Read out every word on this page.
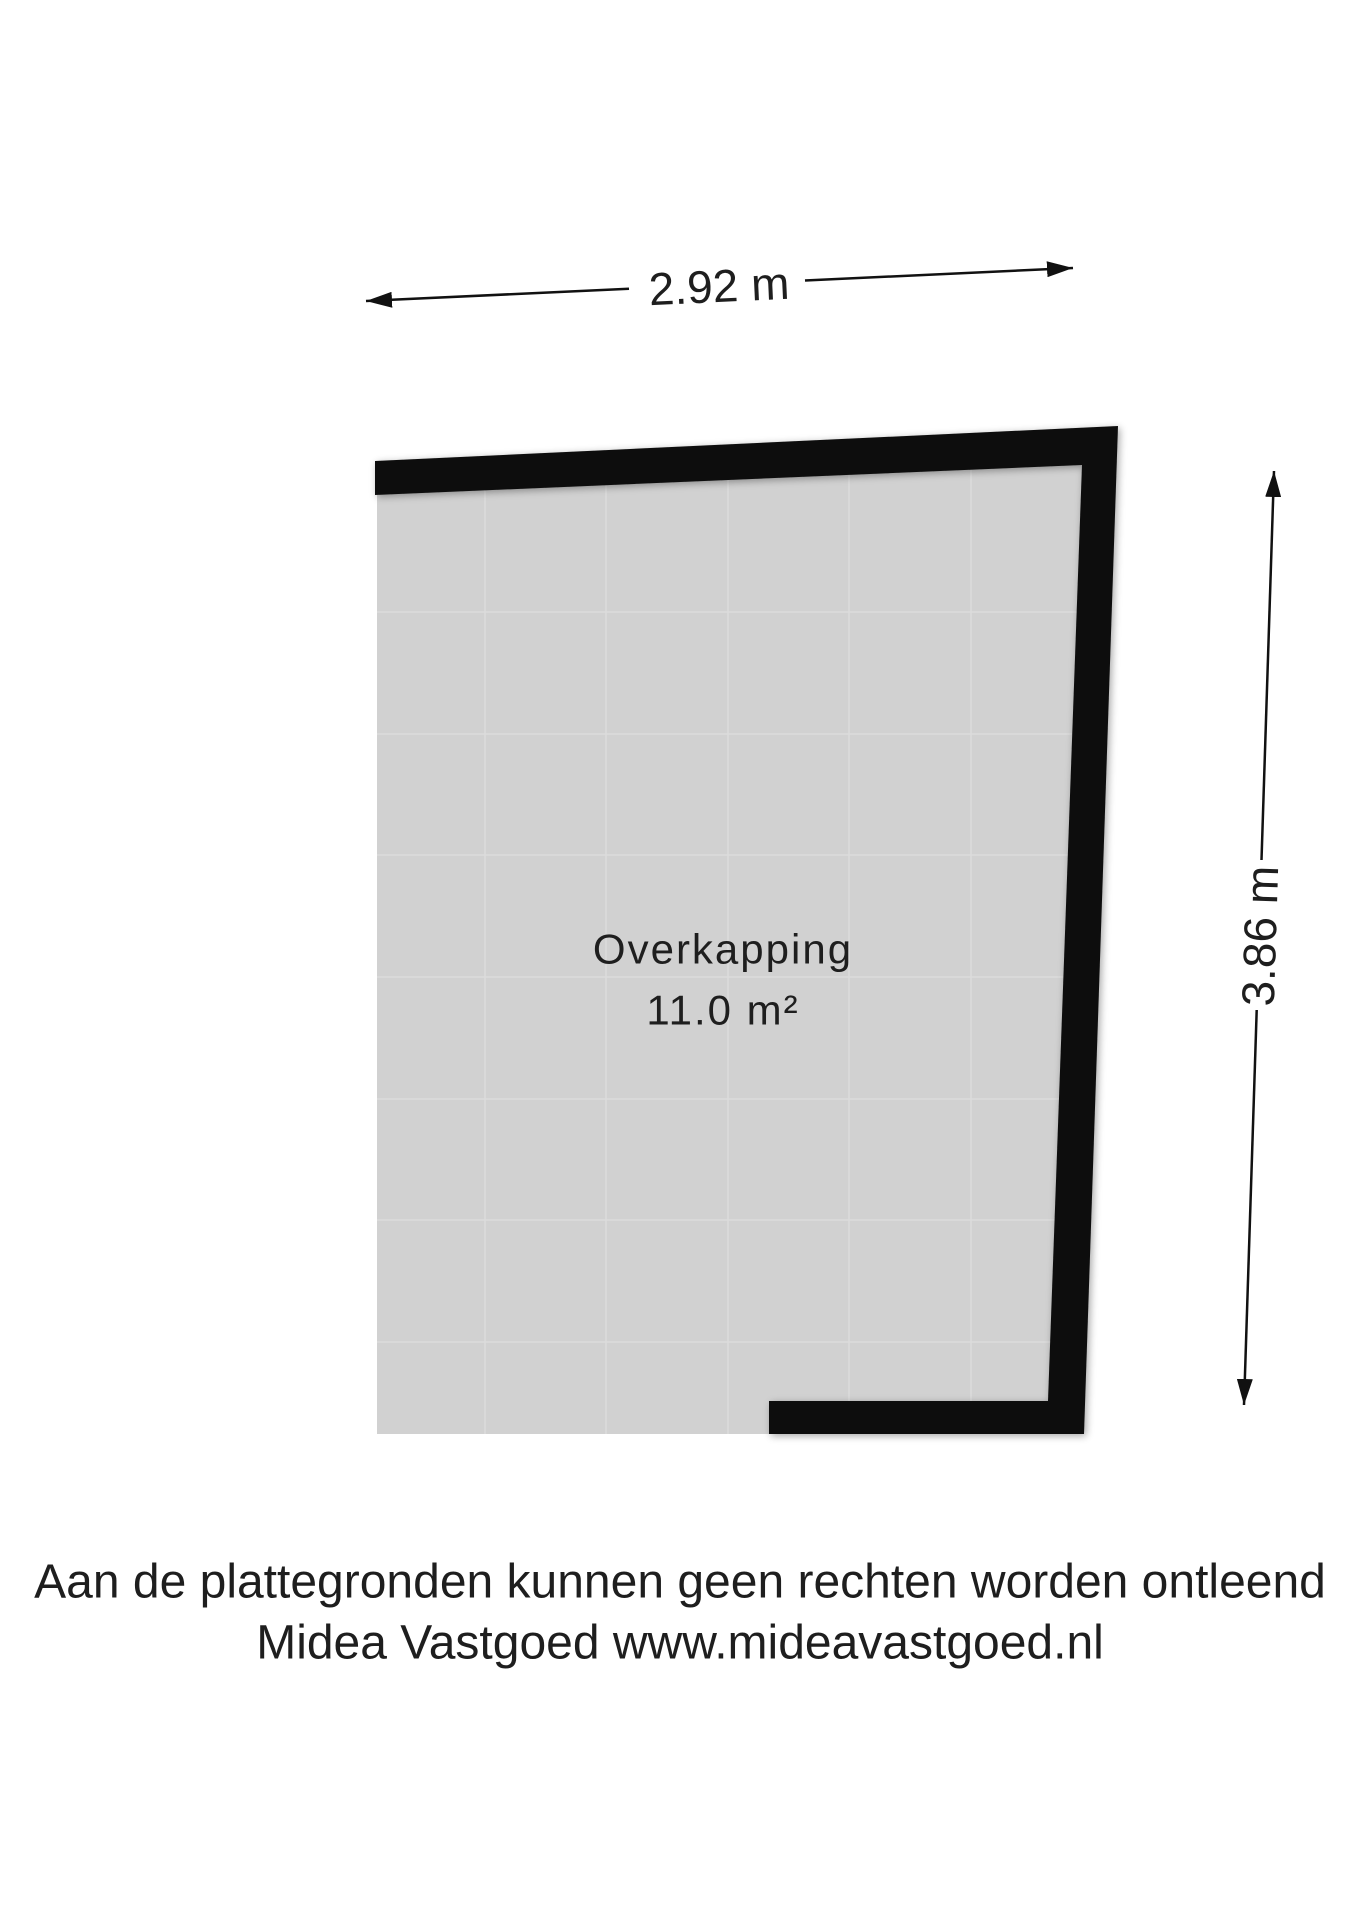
Overkapping
11.0 m²
2.92 m
3.86 m
Aan de plattegronden kunnen geen rechten worden ontleend
Midea Vastgoed www.mideavastgoed.nl
